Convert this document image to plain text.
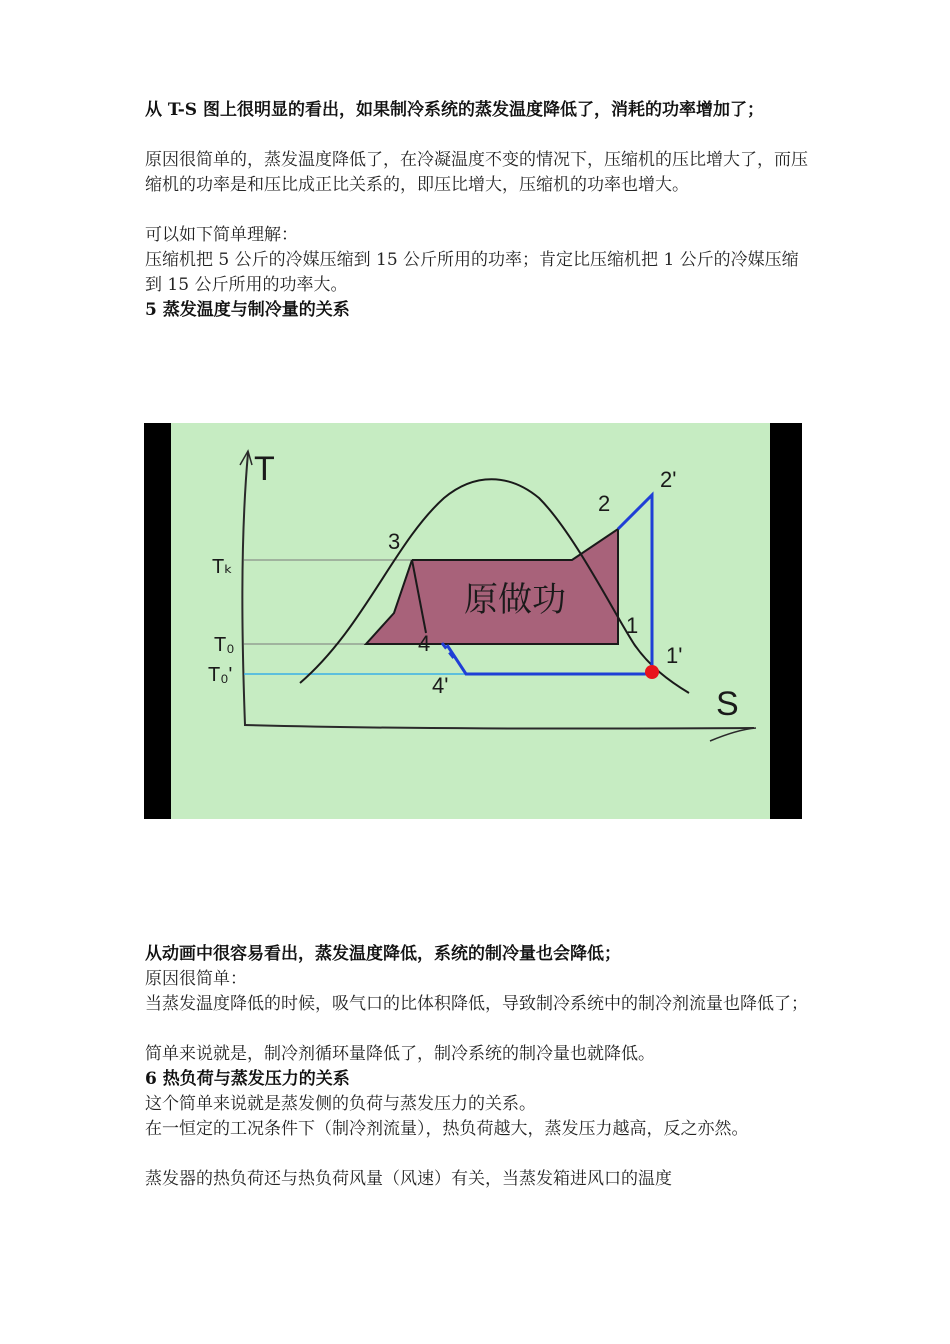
从 T-S 图上很明显的看出，如果制冷系统的蒸发温度降低了，消耗的功率增加了；

原因很简单的，蒸发温度降低了，在冷凝温度不变的情况下，压缩机的压比增大了，而压缩机的功率是和压比成正比关系的，即压比增大，压缩机的功率也增大。

可以如下简单理解：

压缩机把 5 公斤的冷媒压缩到 15 公斤所用的功率；肯定比压缩机把 1 公斤的冷媒压缩到 15 公斤所用的功率大。

5 蒸发温度与制冷量的关系

T
S
Tₖ
T₀
T₀'
3
2
2'
1
1'
4
4'
原做功

从动画中很容易看出，蒸发温度降低，系统的制冷量也会降低；

原因很简单：

当蒸发温度降低的时候，吸气口的比体积降低，导致制冷系统中的制冷剂流量也降低了；

简单来说就是，制冷剂循环量降低了，制冷系统的制冷量也就降低。

6 热负荷与蒸发压力的关系

这个简单来说就是蒸发侧的负荷与蒸发压力的关系。

在一恒定的工况条件下（制冷剂流量），热负荷越大，蒸发压力越高，反之亦然。

蒸发器的热负荷还与热负荷风量（风速）有关，当蒸发箱进风口的温度
